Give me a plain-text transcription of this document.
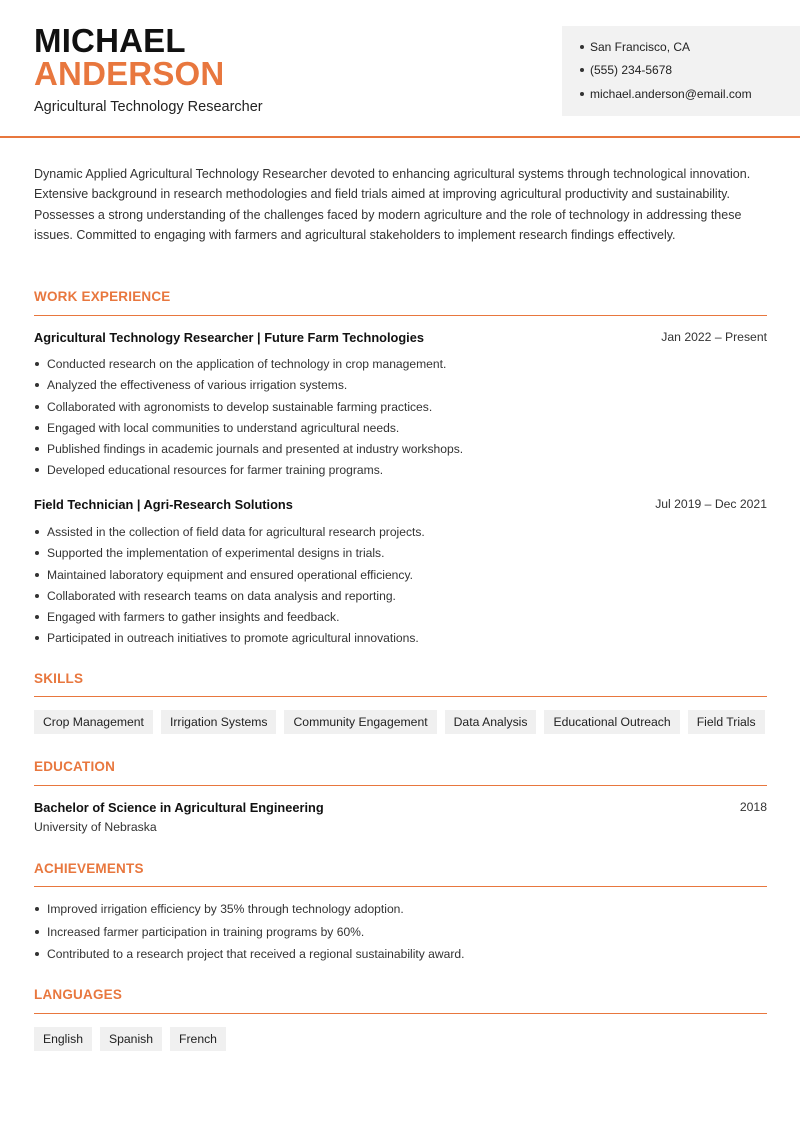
MICHAEL
ANDERSON
Agricultural Technology Researcher
San Francisco, CA
(555) 234-5678
michael.anderson@email.com
Dynamic Applied Agricultural Technology Researcher devoted to enhancing agricultural systems through technological innovation. Extensive background in research methodologies and field trials aimed at improving agricultural productivity and sustainability. Possesses a strong understanding of the challenges faced by modern agriculture and the role of technology in addressing these issues. Committed to engaging with farmers and agricultural stakeholders to implement research findings effectively.
WORK EXPERIENCE
Agricultural Technology Researcher | Future Farm Technologies	Jan 2022 – Present
Conducted research on the application of technology in crop management.
Analyzed the effectiveness of various irrigation systems.
Collaborated with agronomists to develop sustainable farming practices.
Engaged with local communities to understand agricultural needs.
Published findings in academic journals and presented at industry workshops.
Developed educational resources for farmer training programs.
Field Technician | Agri-Research Solutions	Jul 2019 – Dec 2021
Assisted in the collection of field data for agricultural research projects.
Supported the implementation of experimental designs in trials.
Maintained laboratory equipment and ensured operational efficiency.
Collaborated with research teams on data analysis and reporting.
Engaged with farmers to gather insights and feedback.
Participated in outreach initiatives to promote agricultural innovations.
SKILLS
Crop Management	Irrigation Systems	Community Engagement	Data Analysis	Educational Outreach	Field Trials
EDUCATION
Bachelor of Science in Agricultural Engineering	2018
University of Nebraska
ACHIEVEMENTS
Improved irrigation efficiency by 35% through technology adoption.
Increased farmer participation in training programs by 60%.
Contributed to a research project that received a regional sustainability award.
LANGUAGES
English	Spanish	French
